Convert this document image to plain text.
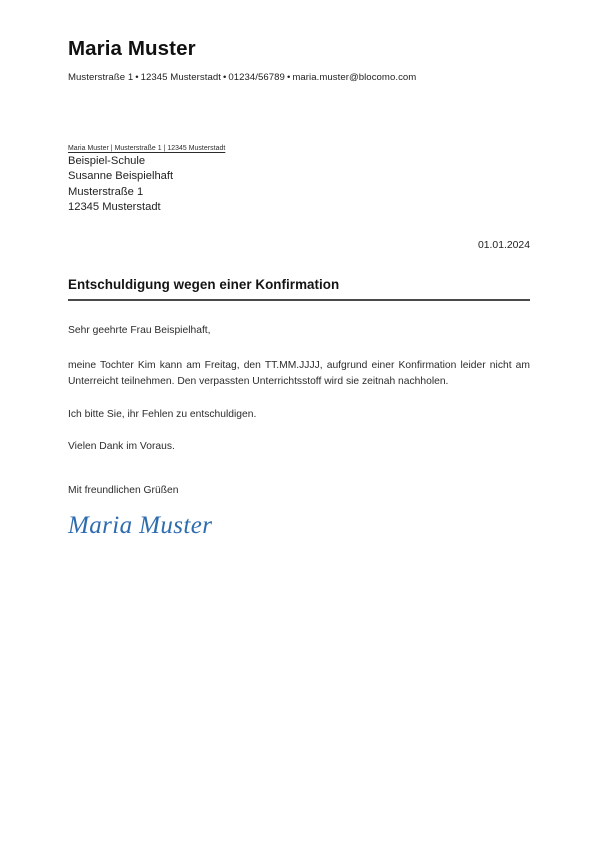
Maria Muster

Musterstraße 1 • 12345 Musterstadt • 01234/56789 • maria.muster@blocomo.com

Maria Muster | Musterstraße 1 | 12345 Musterstadt
Beispiel-Schule
Susanne Beispielhaft
Musterstraße 1
12345 Musterstadt
01.01.2024
Entschuldigung wegen einer Konfirmation

Sehr geehrte Frau Beispielhaft,

meine Tochter Kim kann am Freitag, den TT.MM.JJJJ, aufgrund einer Konfirmation leider nicht am Unterreicht teilnehmen. Den verpassten Unterrichtsstoff wird sie zeitnah nachholen.

Ich bitte Sie, ihr Fehlen zu entschuldigen.

Vielen Dank im Voraus.

Mit freundlichen Grüßen

Maria Muster
